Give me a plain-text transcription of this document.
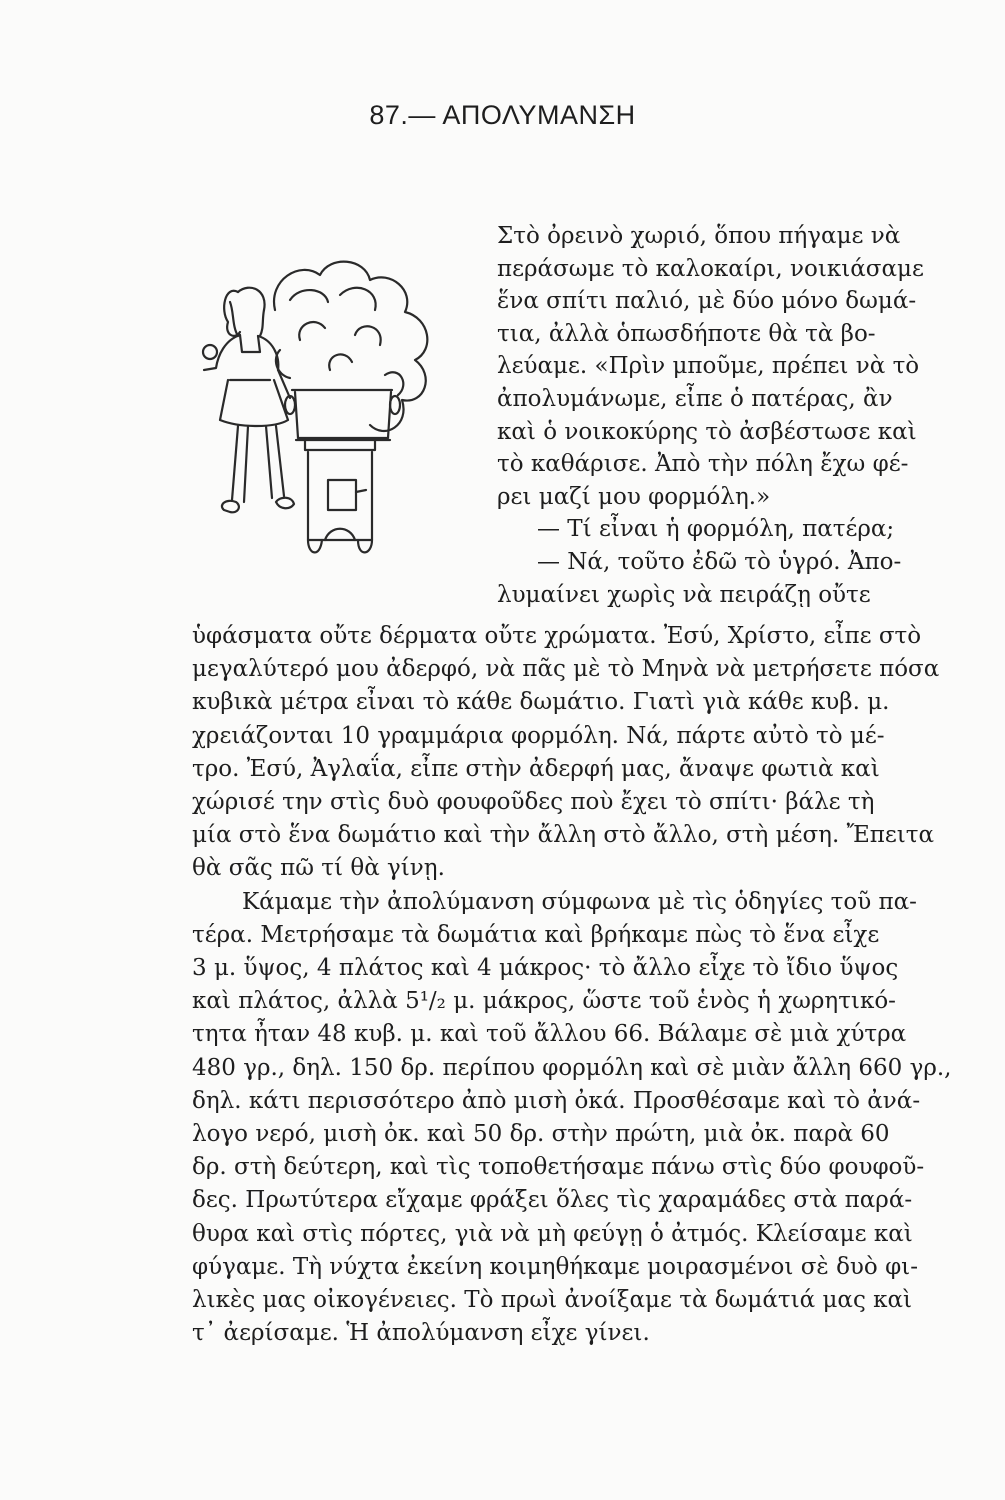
87.— ΑΠΟΛΥΜΑΝΣΗ

Στὸ ὀρεινὸ χωριό, ὅπου πήγαμε νὰ
περάσωμε τὸ καλοκαίρι, νοικιάσαμε
ἕνα σπίτι παλιό, μὲ δύο μόνο δωμά-
τια, ἀλλὰ ὁπωσδήποτε θὰ τὰ βο-
λεύαμε. «Πρὶν μποῦμε, πρέπει νὰ τὸ
ἀπολυμάνωμε, εἶπε ὁ πατέρας, ἂν
καὶ ὁ νοικοκύρης τὸ ἀσβέστωσε καὶ
τὸ καθάρισε. Ἀπὸ τὴν πόλη ἔχω φέ-
ρει μαζί μου φορμόλη.»

— Τί εἶναι ἡ φορμόλη, πατέρα;
— Νά, τοῦτο ἐδῶ τὸ ὑγρό. Ἀπο-

λυμαίνει χωρὶς νὰ πειράζῃ οὔτε

ὑφάσματα οὔτε δέρματα οὔτε χρώματα. Ἐσύ, Χρίστο, εἶπε στὸ
μεγαλύτερό μου ἀδερφό, νὰ πᾶς μὲ τὸ Μηνὰ νὰ μετρήσετε πόσα
κυβικὰ μέτρα εἶναι τὸ κάθε δωμάτιο. Γιατὶ γιὰ κάθε κυβ. μ.
χρειάζονται 10 γραμμάρια φορμόλη. Νά, πάρτε αὐτὸ τὸ μέ-
τρο. Ἐσύ, Ἀγλαΐα, εἶπε στὴν ἀδερφή μας, ἄναψε φωτιὰ καὶ
χώρισέ την στὶς δυὸ φουφοῦδες ποὺ ἔχει τὸ σπίτι· βάλε τὴ
μία στὸ ἕνα δωμάτιο καὶ τὴν ἄλλη στὸ ἄλλο, στὴ μέση. Ἔπειτα
θὰ σᾶς πῶ τί θὰ γίνῃ.

Κάμαμε τὴν ἀπολύμανση σύμφωνα μὲ τὶς ὁδηγίες τοῦ πα-

τέρα. Μετρήσαμε τὰ δωμάτια καὶ βρήκαμε πὼς τὸ ἕνα εἶχε
3 μ. ὕψος, 4 πλάτος καὶ 4 μάκρος· τὸ ἄλλο εἶχε τὸ ἴδιο ὕψος
καὶ πλάτος, ἀλλὰ 5¹/₂ μ. μάκρος, ὥστε τοῦ ἑνὸς ἡ χωρητικό-
τητα ἦταν 48 κυβ. μ. καὶ τοῦ ἄλλου 66. Βάλαμε σὲ μιὰ χύτρα
480 γρ., δηλ. 150 δρ. περίπου φορμόλη καὶ σὲ μιὰν ἄλλη 660 γρ.,
δηλ. κάτι περισσότερο ἀπὸ μισὴ ὀκά. Προσθέσαμε καὶ τὸ ἀνά-
λογο νερό, μισὴ ὀκ. καὶ 50 δρ. στὴν πρώτη, μιὰ ὀκ. παρὰ 60
δρ. στὴ δεύτερη, καὶ τὶς τοποθετήσαμε πάνω στὶς δύο φουφοῦ-
δες. Πρωτύτερα εἴχαμε φράξει ὅλες τὶς χαραμάδες στὰ παρά-
θυρα καὶ στὶς πόρτες, γιὰ νὰ μὴ φεύγῃ ὁ ἀτμός. Κλείσαμε καὶ
φύγαμε. Τὴ νύχτα ἐκείνη κοιμηθήκαμε μοιρασμένοι σὲ δυὸ φι-
λικὲς μας οἰκογένειες. Τὸ πρωὶ ἀνοίξαμε τὰ δωμάτιά μας καὶ
τ᾽ ἀερίσαμε. Ἡ ἀπολύμανση εἶχε γίνει.
